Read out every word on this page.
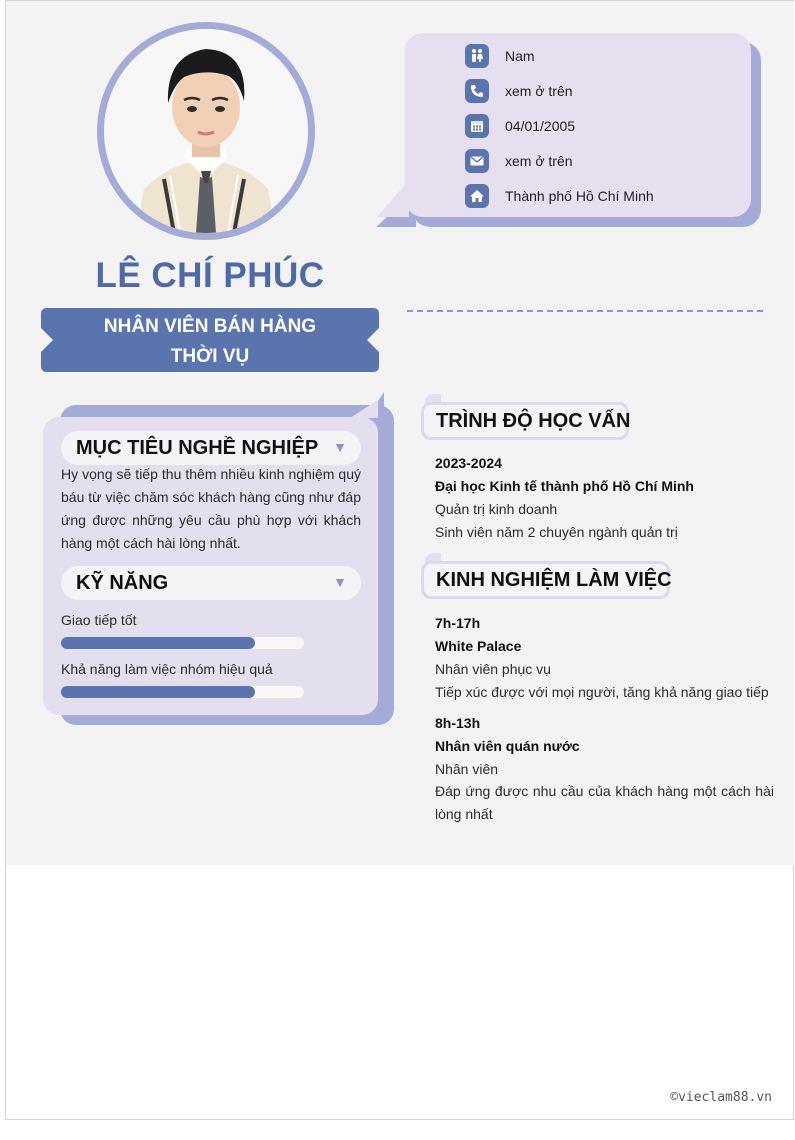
Nam
xem ở trên
04/01/2005
xem ở trên
Thành phố Hồ Chí Minh
LÊ CHÍ PHÚC
NHÂN VIÊN BÁN HÀNG
THỜI VỤ
MỤC TIÊU NGHỀ NGHIỆP ▼
Hy vọng sẽ tiếp thu thêm nhiều kinh nghiệm quý báu từ việc chăm sóc khách hàng cũng như đáp ứng được những yêu cầu phù hợp với khách hàng một cách hài lòng nhất.
KỸ NĂNG	▼
Giao tiếp tốt
Khả năng làm việc nhóm hiệu quả
TRÌNH ĐỘ HỌC VẤN
2023-2024
Đại học Kinh tế thành phố Hồ Chí Minh
Quản trị kinh doanh
Sinh viên năm 2 chuyên ngành quản trị
KINH NGHIỆM LÀM VIỆC
7h-17h
White Palace
Nhân viên phục vụ
Tiếp xúc được với mọi người, tăng khả năng giao tiếp
8h-13h
Nhân viên quán nước
Nhân viên
Đáp ứng được nhu cầu của khách hàng một cách hài lòng nhất
©vieclam88.vn
